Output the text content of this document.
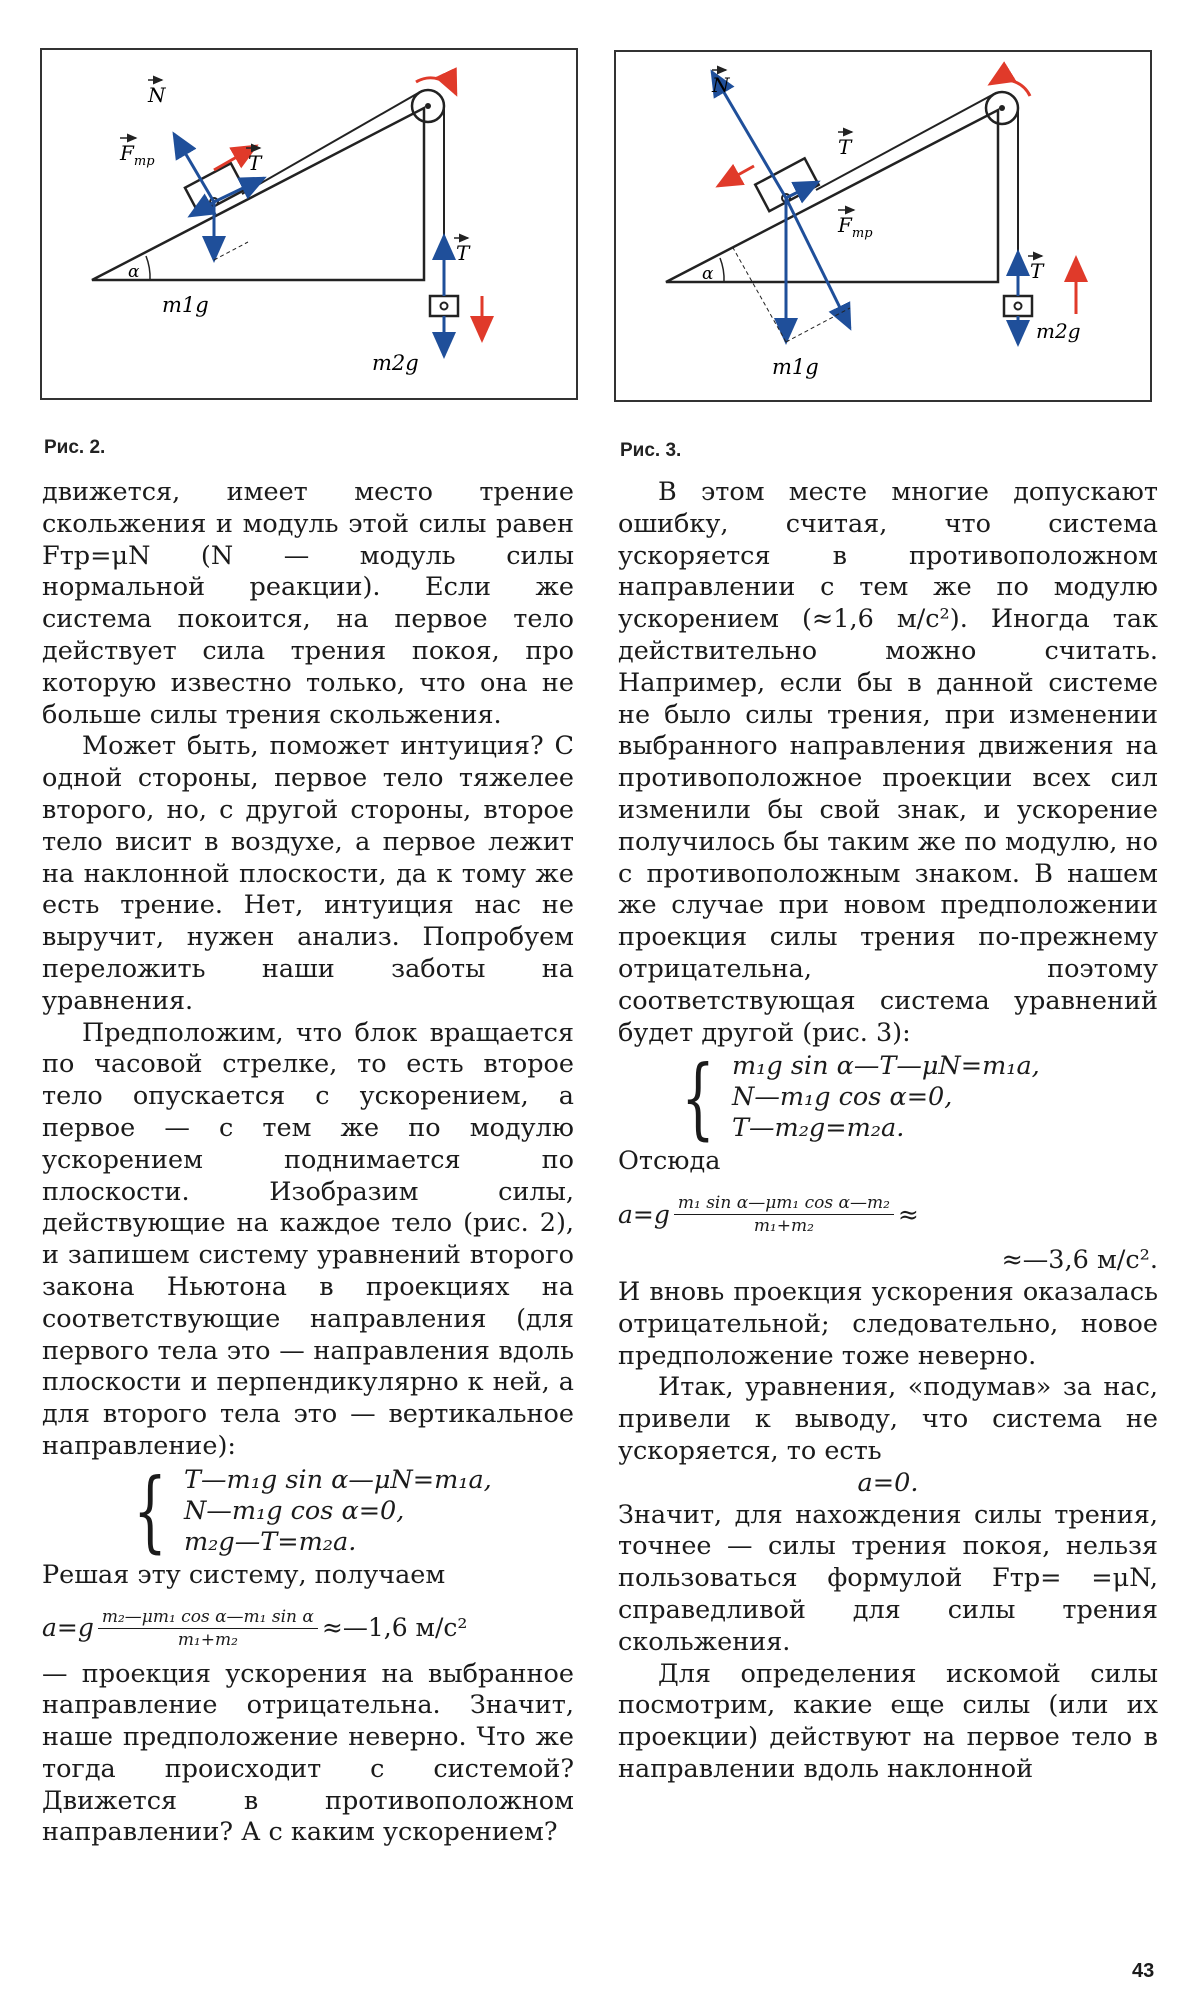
N
$F_{тр}$	T
α
m1g
T
m2g
Рис. 2.
N
T
$F_{тр}$
α
m1g
T
m2g
Рис. 3.

движется, имеет место трение скольжения и модуль этой силы равен Fтр=μN (N — модуль силы нормальной реакции). Если же система покоится, на первое тело действует сила трения покоя, про которую известно только, что она не больше силы трения скольжения.

Может быть, поможет интуиция? С одной стороны, первое тело тяжелее второго, но, с другой стороны, второе тело висит в воздухе, а первое лежит на наклонной плоскости, да к тому же есть трение. Нет, интуиция нас не выручит, нужен анализ. Попробуем переложить наши заботы на уравнения.

Предположим, что блок вращается по часовой стрелке, то есть второе тело опускается с ускорением, а первое — с тем же по модулю ускорением поднимается по плоскости. Изобразим силы, действующие на каждое тело (рис. 2), и запишем систему уравнений второго закона Ньютона в проекциях на соответствующие направления (для первого тела это — направления вдоль плоскости и перпендикулярно к ней, а для второго тела это — вертикальное направление):

{ T—m₁g sin α—μN=m₁a,
N—m₁g cos α=0,
m₂g—T=m₂a.

Решая эту систему, получаем

$a=g \frac{\text{m₂—μm₁ cos α—m₁ sin α}}{\text{m₁+m₂}}$ ≈—1,6 м/с²

— проекция ускорения на выбранное направление отрицательна. Значит, наше предположение неверно. Что же тогда происходит с системой? Движется в противоположном направлении? А с каким ускорением?

В этом месте многие допускают ошибку, считая, что система ускоряется в противоположном направлении с тем же по модулю ускорением (≈1,6 м/с²). Иногда так действительно можно считать. Например, если бы в данной системе не было силы трения, при изменении выбранного направления движения на противоположное проекции всех сил изменили бы свой знак, и ускорение получилось бы таким же по модулю, но с противоположным знаком. В нашем же случае при новом предположении проекция силы трения по-прежнему отрицательна, поэтому соответствующая система уравнений будет другой (рис. 3):

{ m₁g sin α—T—μN=m₁a,
N—m₁g cos α=0,
T—m₂g=m₂a.

Отсюда

$a=g \frac{\text{m₁ sin α—μm₁ cos α—m₂}}{\text{m₁+m₂}}$ ≈

≈—3,6 м/с².

И вновь проекция ускорения оказалась отрицательной; следовательно, новое предположение тоже неверно.

Итак, уравнения, «подумав» за нас, привели к выводу, что система не ускоряется, то есть

a=0.

Значит, для нахождения силы трения, точнее — силы трения покоя, нельзя пользоваться формулой Fтр= =μN, справедливой для силы трения скольжения.

Для определения искомой силы посмотрим, какие еще силы (или их проекции) действуют на первое тело в направлении вдоль наклонной

43
